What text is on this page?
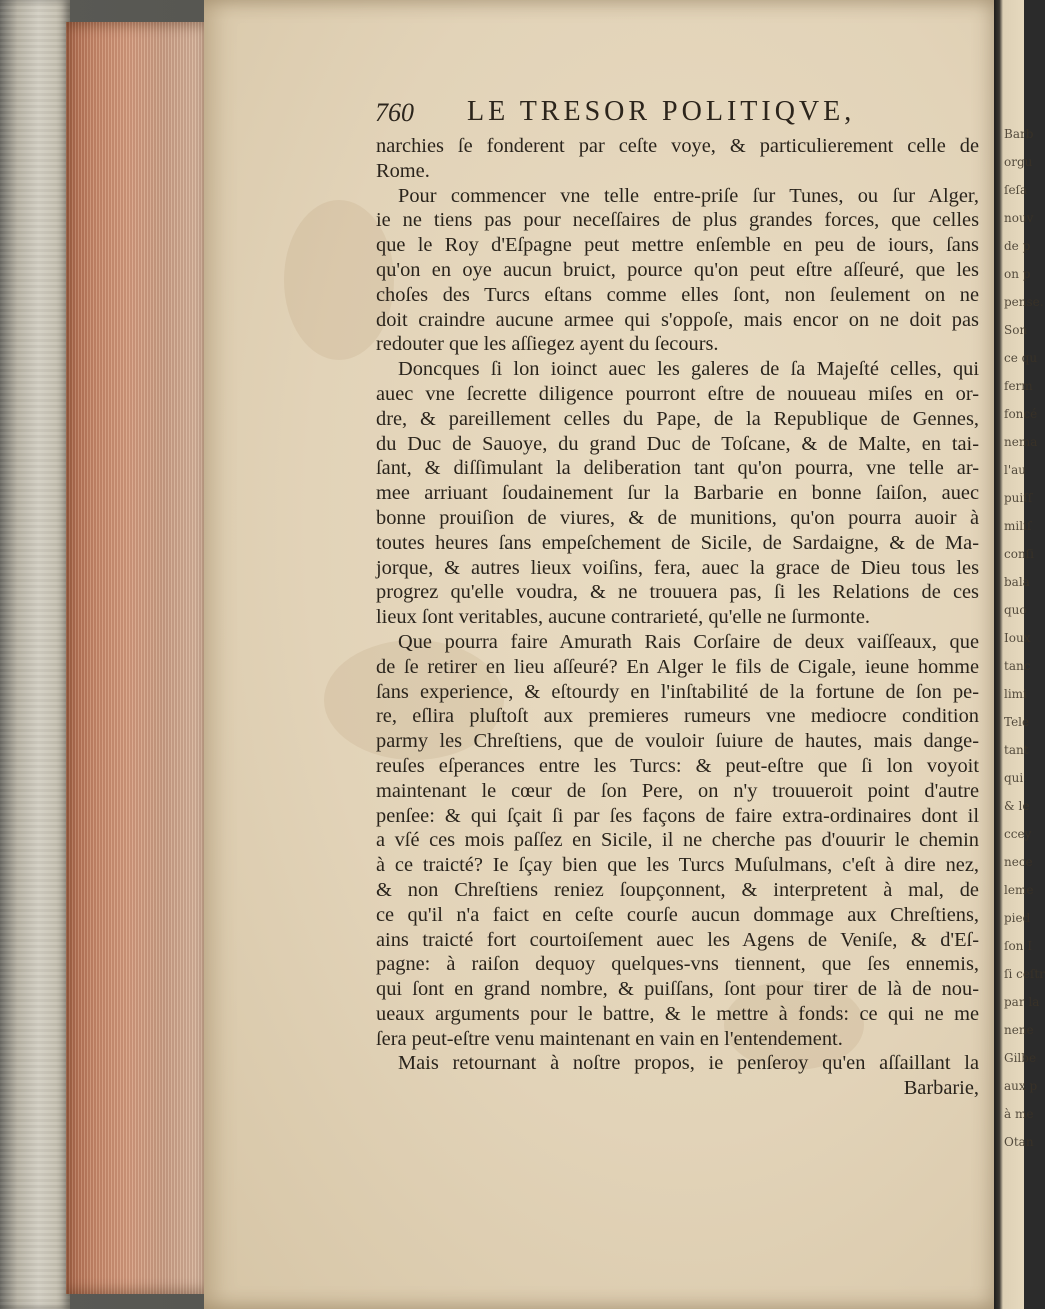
Barb
orgu
ſeſa
nouv
de p
on p
pense.
Son
ce qu
ferm
foncé
nema
l'au
puiſſ
miliſ
conſi
bala
quo
Ioux
tanc
limi
Tele
tant
qui
& le
ccey
nece
leme
pied
ſon I
ſi ceſtr
par la
nene
Gilbe
aux p
à me
Otan
760 LE TRESOR POLITIQVE,
narchies ſe fonderent par ceſte voye, & particulierement celle de
Rome.
Pour commencer vne telle entre-priſe ſur Tunes, ou ſur Alger,
ie ne tiens pas pour neceſſaires de plus grandes forces, que celles
que le Roy d'Eſpagne peut mettre enſemble en peu de iours, ſans
qu'on en oye aucun bruict, pource qu'on peut eſtre aſſeuré, que les
choſes des Turcs eſtans comme elles ſont, non ſeulement on ne
doit craindre aucune armee qui s'oppoſe, mais encor on ne doit pas
redouter que les aſſiegez ayent du ſecours.
Doncques ſi lon ioinct auec les galeres de ſa Majeſté celles, qui
auec vne ſecrette diligence pourront eſtre de nouueau miſes en or-
dre, & pareillement celles du Pape, de la Republique de Gennes,
du Duc de Sauoye, du grand Duc de Toſcane, & de Malte, en tai-
ſant, & diſſimulant la deliberation tant qu'on pourra, vne telle ar-
mee arriuant ſoudainement ſur la Barbarie en bonne ſaiſon, auec
bonne prouiſion de viures, & de munitions, qu'on pourra auoir à
toutes heures ſans empeſchement de Sicile, de Sardaigne, & de Ma-
jorque, & autres lieux voiſins, fera, auec la grace de Dieu tous les
progrez qu'elle voudra, & ne trouuera pas, ſi les Relations de ces
lieux ſont veritables, aucune contrarieté, qu'elle ne ſurmonte.
Que pourra faire Amurath Rais Corſaire de deux vaiſſeaux, que
de ſe retirer en lieu aſſeuré? En Alger le fils de Cigale, ieune homme
ſans experience, & eſtourdy en l'inſtabilité de la fortune de ſon pe-
re, eſlira pluſtoſt aux premieres rumeurs vne mediocre condition
parmy les Chreſtiens, que de vouloir ſuiure de hautes, mais dange-
reuſes eſperances entre les Turcs: & peut-eſtre que ſi lon voyoit
maintenant le cœur de ſon Pere, on n'y trouueroit point d'autre
penſee: & qui ſçait ſi par ſes façons de faire extra-ordinaires dont il
a vſé ces mois paſſez en Sicile, il ne cherche pas d'ouurir le chemin
à ce traicté? Ie ſçay bien que les Turcs Muſulmans, c'eſt à dire nez,
& non Chreſtiens reniez ſoupçonnent, & interpretent à mal, de
ce qu'il n'a faict en ceſte courſe aucun dommage aux Chreſtiens,
ains traicté fort courtoiſement auec les Agens de Veniſe, & d'Eſ-
pagne: à raiſon dequoy quelques-vns tiennent, que ſes ennemis,
qui ſont en grand nombre, & puiſſans, ſont pour tirer de là de nou-
ueaux arguments pour le battre, & le mettre à fonds: ce qui ne me
ſera peut-eſtre venu maintenant en vain en l'entendement.
Mais retournant à noſtre propos, ie penſeroy qu'en aſſaillant la
Barbarie,
